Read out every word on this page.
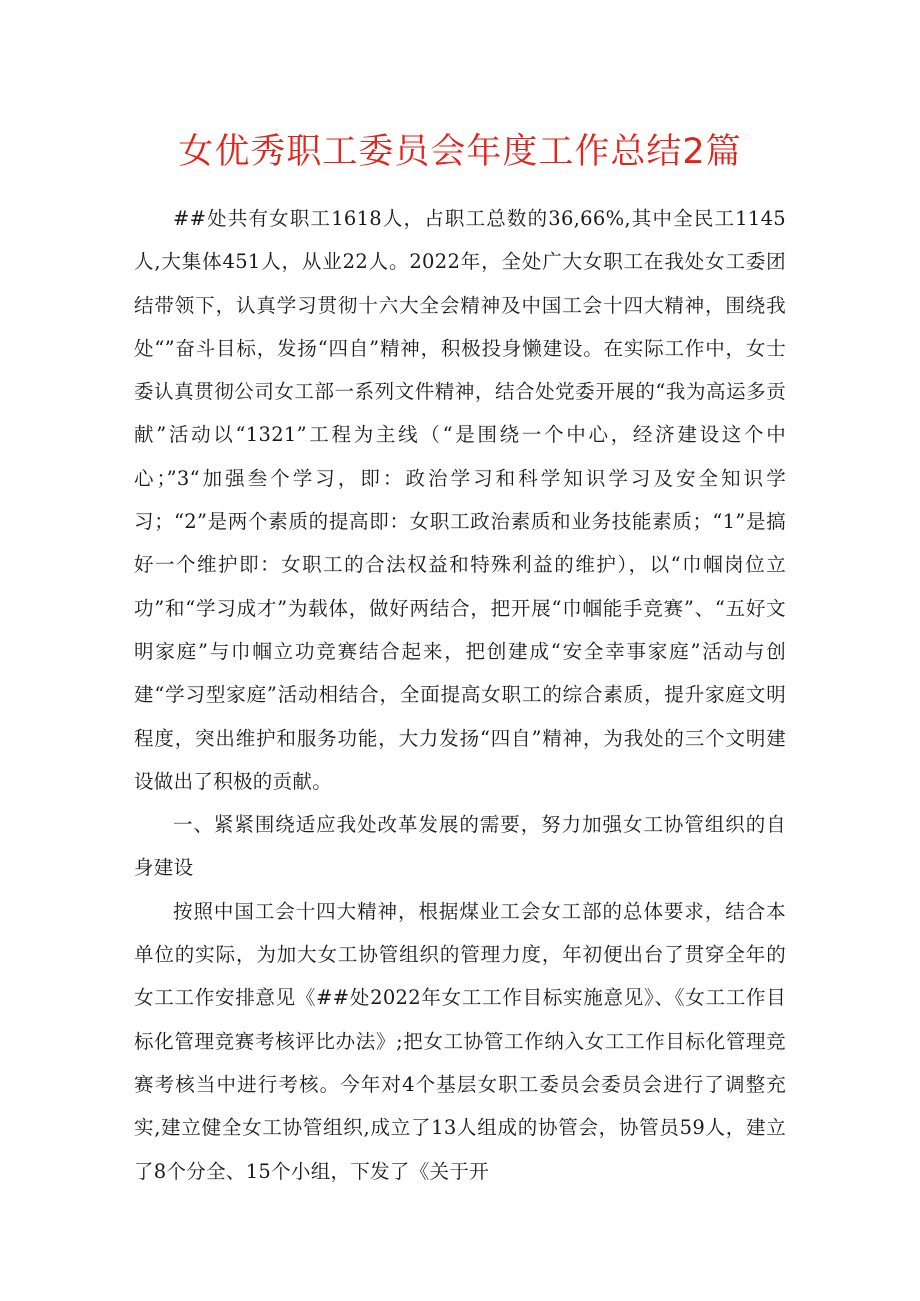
女优秀职工委员会年度工作总结2篇

##处共有女职工1618人，占职工总数的36,66%,其中全民工1145人,大集体451人，从业22人。2022年，全处广大女职工在我处女工委团结带领下，认真学习贯彻十六大全会精神及中国工会十四大精神，围绕我处“”奋斗目标，发扬“四自”精神，积极投身懒建设。在实际工作中，女士委认真贯彻公司女工部一系列文件精神，结合处党委开展的“我为高运多贡献”活动以“1321”工程为主线（“是围绕一个中心，经济建设这个中心；”3“加强叁个学习，即：政治学习和科学知识学习及安全知识学习；“2”是两个素质的提高即：女职工政治素质和业务技能素质；“1”是搞好一个维护即：女职工的合法权益和特殊利益的维护），以“巾帼岗位立功”和“学习成才”为载体，做好两结合，把开展“巾帼能手竞赛”、“五好文明家庭”与巾帼立功竞赛结合起来，把创建成“安全幸事家庭”活动与创建“学习型家庭”活动相结合，全面提高女职工的综合素质，提升家庭文明程度，突出维护和服务功能，大力发扬“四自”精神，为我处的三个文明建设做出了积极的贡献。

一、紧紧围绕适应我处改革发展的需要，努力加强女工协管组织的自身建设

按照中国工会十四大精神，根据煤业工会女工部的总体要求，结合本单位的实际，为加大女工协管组织的管理力度，年初便出台了贯穿全年的女工工作安排意见《##处2022年女工工作目标实施意见》、《女工工作目标化管理竞赛考核评比办法》;把女工协管工作纳入女工工作目标化管理竞赛考核当中进行考核。今年对4个基层女职工委员会委员会进行了调整充实,建立健全女工协管组织,成立了13人组成的协管会，协管员59人，建立了8个分全、15个小组，下发了《关于开
